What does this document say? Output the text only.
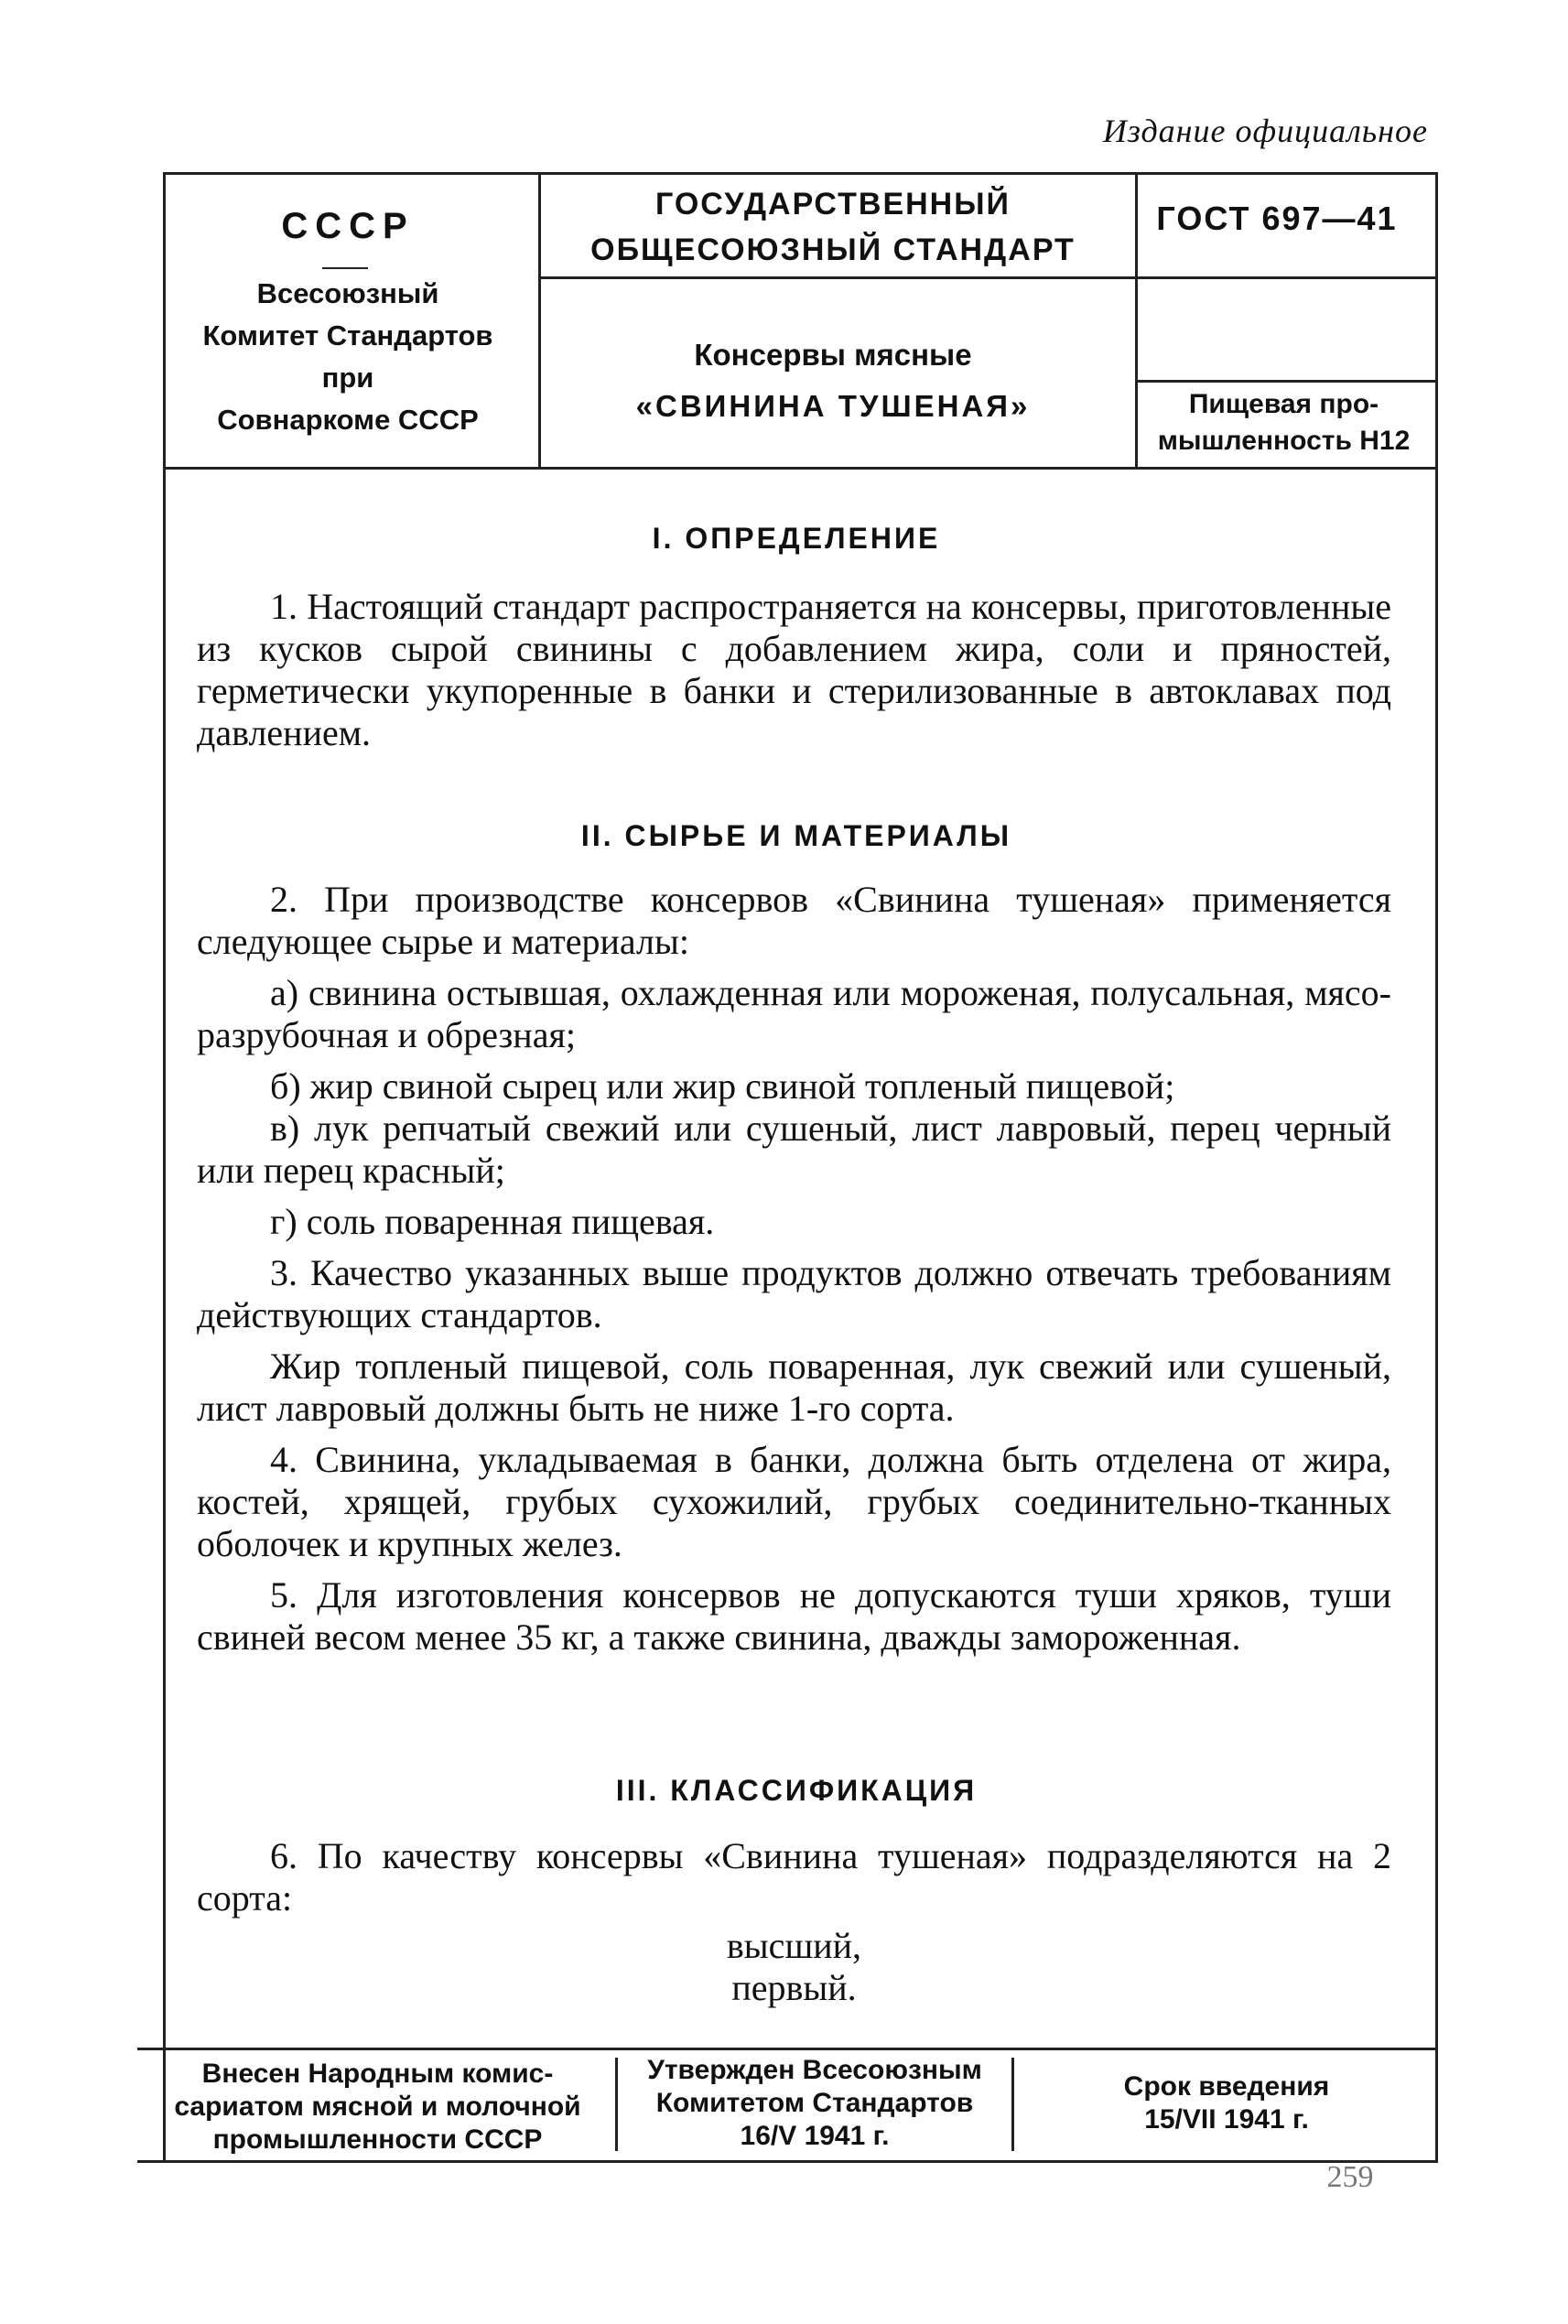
Издание официальное
СССР
Всесоюзный
Комитет Стандартов
при
Совнаркоме СССР
ГОСУДАРСТВЕННЫЙ
ОБЩЕСОЮЗНЫЙ СТАНДАРТ
Консервы мясные
«СВИНИНА ТУШЕНАЯ»
ГОСТ 697—41
Пищевая про-
мышленность Н12
I. ОПРЕДЕЛЕНИЕ

1. Настоящий стандарт распространяется на консервы, приготовленные из кусков сырой свинины с добавлением жира, соли и пряностей, герметически укупоренные в банки и стерилизованные в автоклавах под давлением.

II. СЫРЬЕ И МАТЕРИАЛЫ

2. При производстве консервов «Свинина тушеная» применяется следующее сырье и материалы:

а) свинина остывшая, охлажденная или мороженая, полусальная, мясо-разрубочная и обрезная;

б) жир свиной сырец или жир свиной топленый пищевой;

в) лук репчатый свежий или сушеный, лист лавровый, перец черный или перец красный;

г) соль поваренная пищевая.

3. Качество указанных выше продуктов должно отвечать требованиям действующих стандартов.

Жир топленый пищевой, соль поваренная, лук свежий или сушеный, лист лавровый должны быть не ниже 1-го сорта.

4. Свинина, укладываемая в банки, должна быть отделена от жира, костей, хрящей, грубых сухожилий, грубых соединительно-тканных оболочек и крупных желез.

5. Для изготовления консервов не допускаются туши хряков, туши свиней весом менее 35 кг, а также свинина, дважды замороженная.

III. КЛАССИФИКАЦИЯ

6. По качеству консервы «Свинина тушеная» подразделяются на 2 сорта:

высший,
первый.
Внесен Народным комис-
сариатом мясной и молочной
промышленности СССР
Утвержден Всесоюзным
Комитетом Стандартов
16/V 1941 г.
Срок введения
15/VII 1941 г.
259
